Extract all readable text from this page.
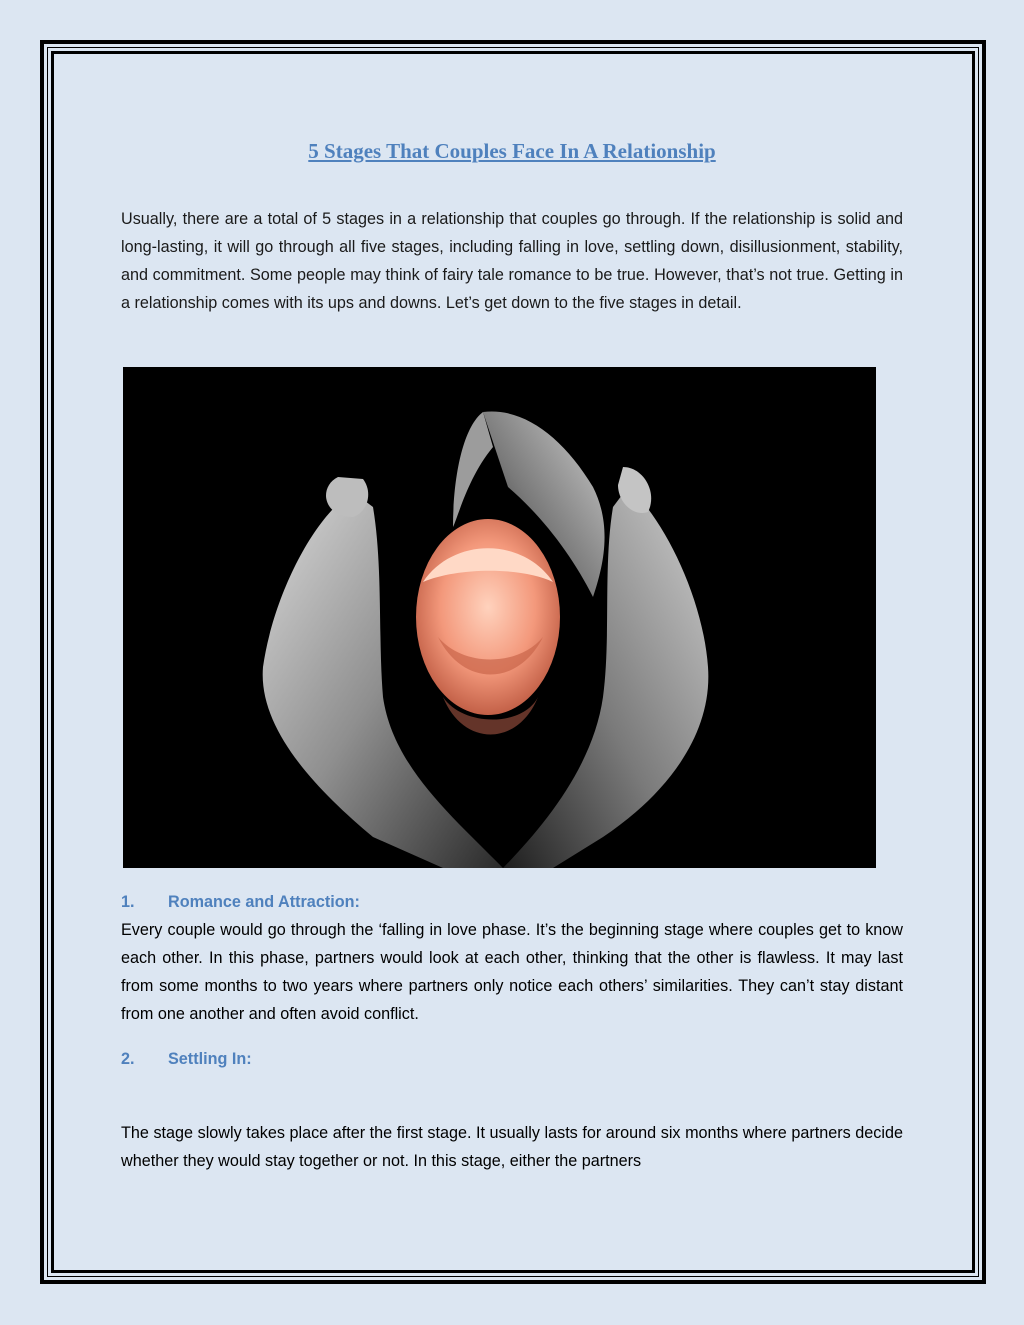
5 Stages That Couples Face In A Relationship

Usually, there are a total of 5 stages in a relationship that couples go through. If the relationship is solid and long-lasting, it will go through all five stages, including falling in love, settling down, disillusionment, stability, and commitment. Some people may think of fairy tale romance to be true. However, that’s not true. Getting in a relationship comes with its ups and downs. Let’s get down to the five stages in detail.

1.	Romance and Attraction:

Every couple would go through the ‘falling in love phase. It’s the beginning stage where couples get to know each other. In this phase, partners would look at each other, thinking that the other is flawless. It may last from some months to two years where partners only notice each others’ similarities. They can’t stay distant from one another and often avoid conflict.

2.	Settling In:

The stage slowly takes place after the first stage. It usually lasts for around six months where partners decide whether they would stay together or not. In this stage, either the partners
